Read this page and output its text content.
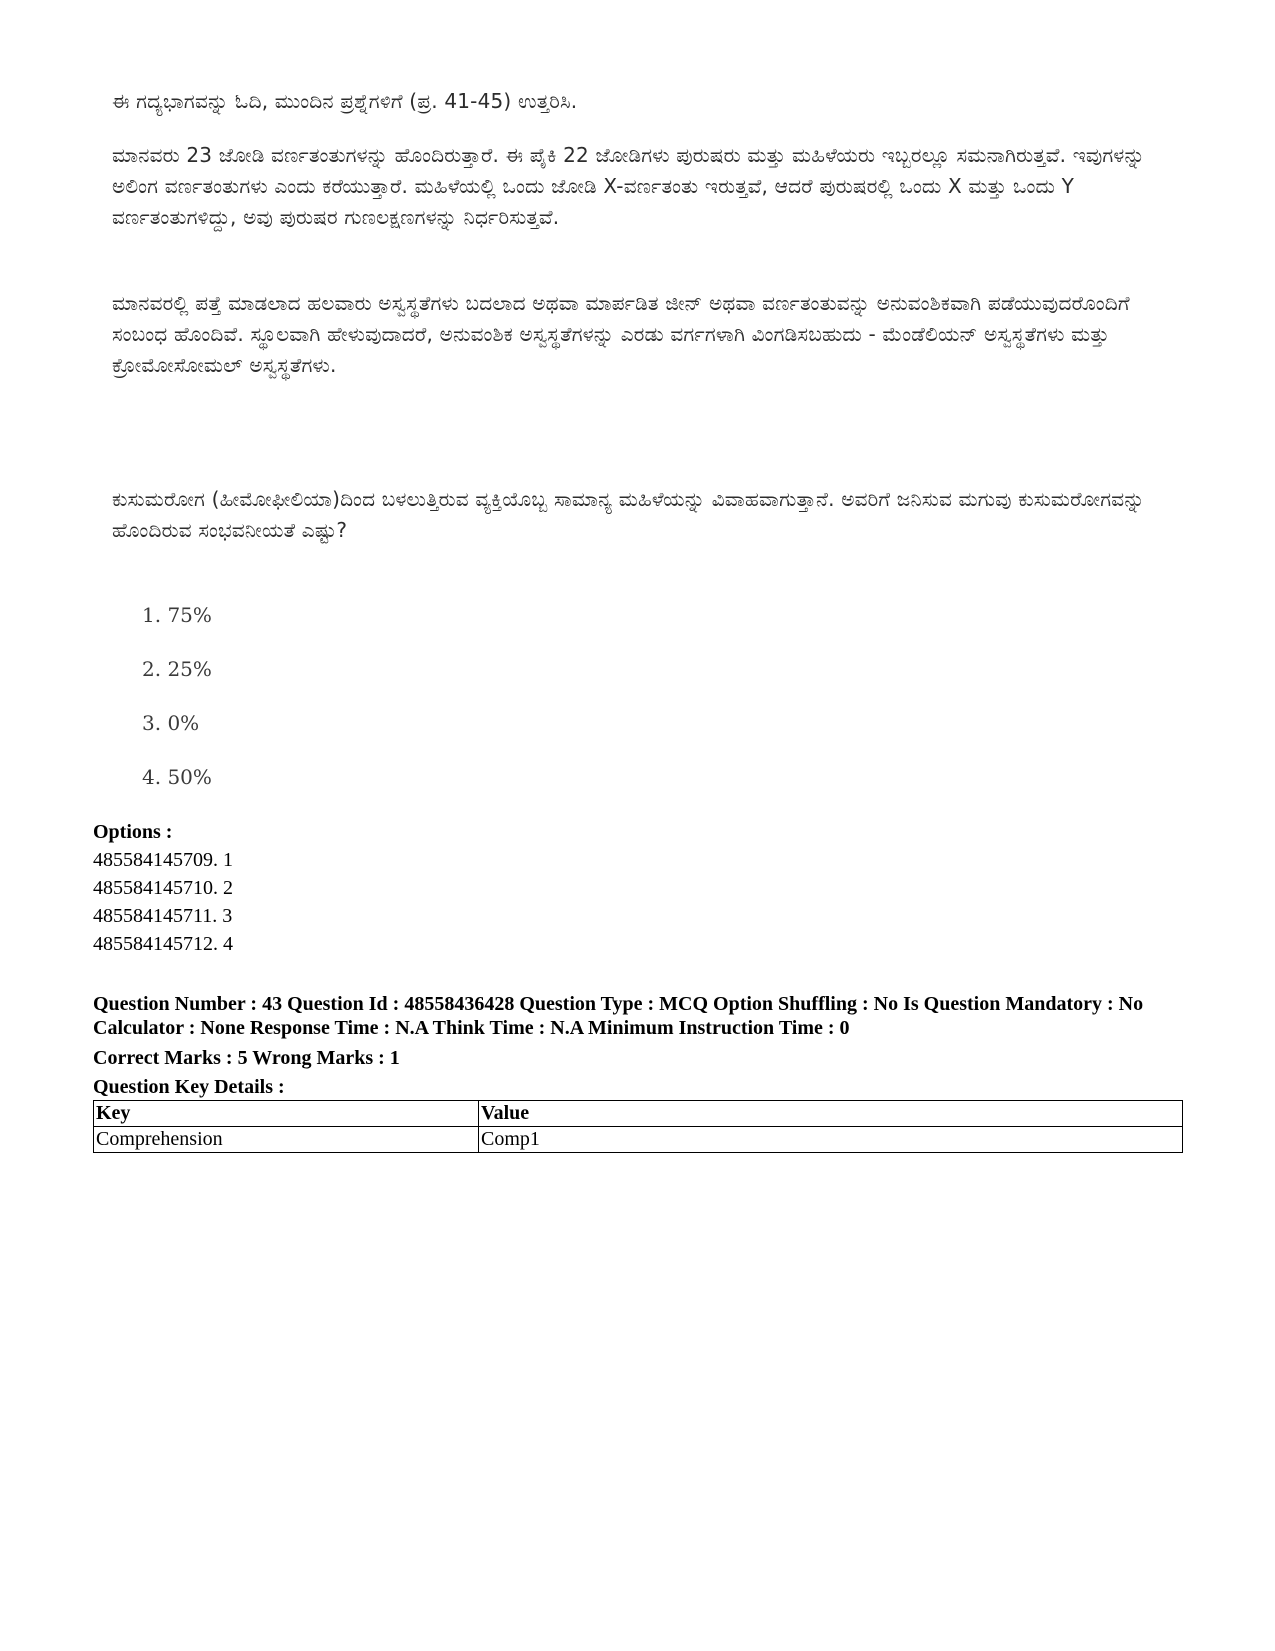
ಈ ಗದ್ಯಭಾಗವನ್ನು ಓದಿ, ಮುಂದಿನ ಪ್ರಶ್ನೆಗಳಿಗೆ (ಪ್ರ. 41-45) ಉತ್ತರಿಸಿ.

ಮಾನವರು 23 ಜೋಡಿ ವರ್ಣತಂತುಗಳನ್ನು ಹೊಂದಿರುತ್ತಾರೆ. ಈ ಪೈಕಿ 22 ಜೋಡಿಗಳು ಪುರುಷರು ಮತ್ತು ಮಹಿಳೆಯರು ಇಬ್ಬರಲ್ಲೂ ಸಮನಾಗಿರುತ್ತವೆ. ಇವುಗಳನ್ನು ಅಲಿಂಗ ವರ್ಣತಂತುಗಳು ಎಂದು ಕರೆಯುತ್ತಾರೆ. ಮಹಿಳೆಯಲ್ಲಿ ಒಂದು ಜೋಡಿ X-ವರ್ಣತಂತು ಇರುತ್ತವೆ, ಆದರೆ ಪುರುಷರಲ್ಲಿ ಒಂದು X ಮತ್ತು ಒಂದು Y ವರ್ಣತಂತುಗಳಿದ್ದು, ಅವು ಪುರುಷರ ಗುಣಲಕ್ಷಣಗಳನ್ನು ನಿರ್ಧರಿಸುತ್ತವೆ.

ಮಾನವರಲ್ಲಿ ಪತ್ತೆ ಮಾಡಲಾದ ಹಲವಾರು ಅಸ್ವಸ್ಥತೆಗಳು ಬದಲಾದ ಅಥವಾ ಮಾರ್ಪಡಿತ ಜೀನ್ ಅಥವಾ ವರ್ಣತಂತುವನ್ನು ಅನುವಂಶಿಕವಾಗಿ ಪಡೆಯುವುದರೊಂದಿಗೆ ಸಂಬಂಧ ಹೊಂದಿವೆ. ಸ್ಥೂಲವಾಗಿ ಹೇಳುವುದಾದರೆ, ಅನುವಂಶಿಕ ಅಸ್ವಸ್ಥತೆಗಳನ್ನು ಎರಡು ವರ್ಗಗಳಾಗಿ ವಿಂಗಡಿಸಬಹುದು - ಮೆಂಡೆಲಿಯನ್ ಅಸ್ವಸ್ಥತೆಗಳು ಮತ್ತು ಕ್ರೋಮೋಸೋಮಲ್ ಅಸ್ವಸ್ಥತೆಗಳು.

ಕುಸುಮರೋಗ (ಹೀಮೋಫೀಲಿಯಾ)ದಿಂದ ಬಳಲುತ್ತಿರುವ ವ್ಯಕ್ತಿಯೊಬ್ಬ ಸಾಮಾನ್ಯ ಮಹಿಳೆಯನ್ನು ವಿವಾಹವಾಗುತ್ತಾನೆ. ಅವರಿಗೆ ಜನಿಸುವ ಮಗುವು ಕುಸುಮರೋಗವನ್ನು ಹೊಂದಿರುವ ಸಂಭವನೀಯತೆ ಎಷ್ಟು?

1. 75%
2. 25%
3. 0%
4. 50%
Options :
485584145709. 1
485584145710. 2
485584145711. 3
485584145712. 4

Question Number : 43 Question Id : 48558436428 Question Type : MCQ Option Shuffling : No Is Question Mandatory : No Calculator : None Response Time : N.A Think Time : N.A Minimum Instruction Time : 0

Correct Marks : 5 Wrong Marks : 1

Question Key Details :

Key	Value
Comprehension	Comp1
